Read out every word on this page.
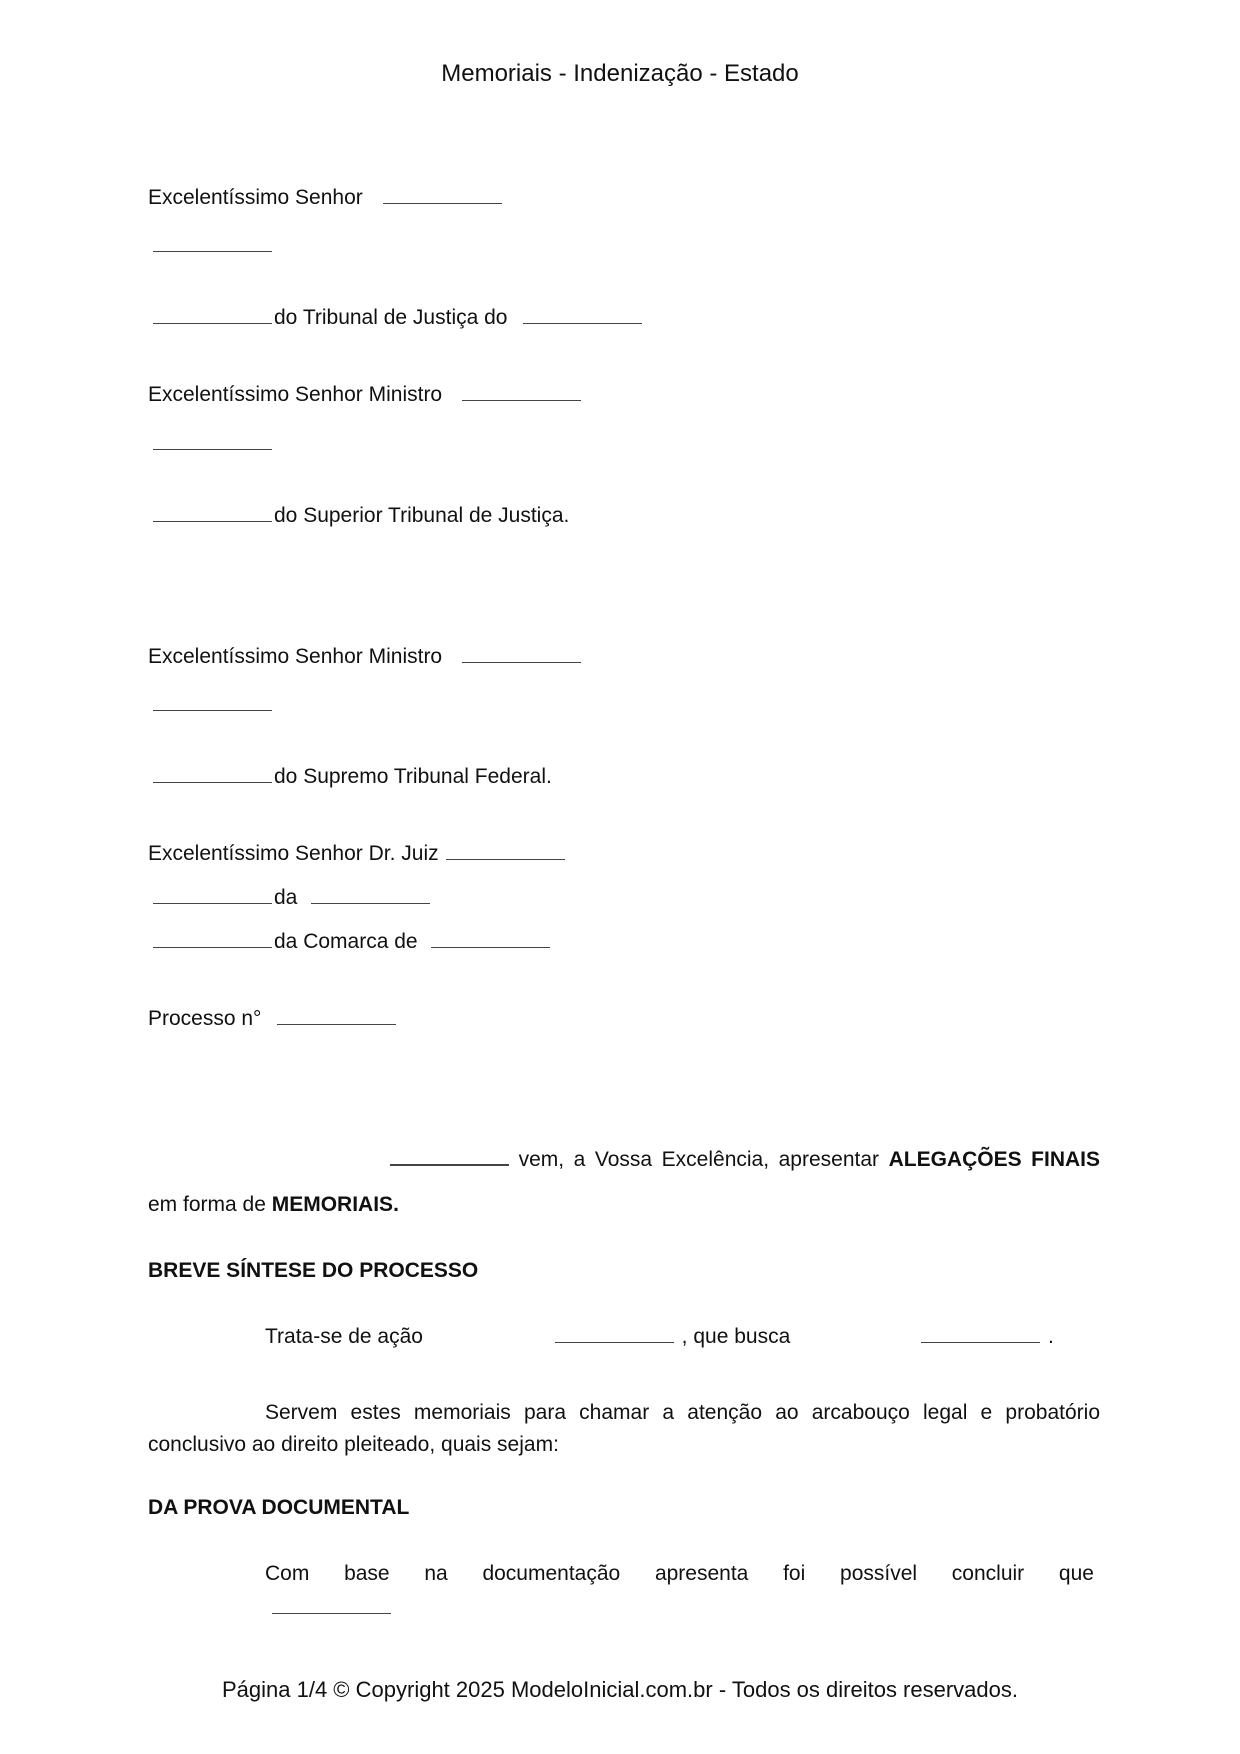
Memoriais - Indenização - Estado
Excelentíssimo Senhor
do Tribunal de Justiça do
Excelentíssimo Senhor Ministro
do Superior Tribunal de Justiça.
Excelentíssimo Senhor Ministro
do Supremo Tribunal Federal.
Excelentíssimo Senhor Dr. Juiz
da
da Comarca de
Processo n°
vem, a Vossa Excelência, apresentar ALEGAÇÕES FINAIS
em forma de MEMORIAIS.
BREVE SÍNTESE DO PROCESSO
Trata-se de ação	, que busca	.
Servem estes memoriais para chamar a atenção ao arcabouço legal e probatório
conclusivo ao direito pleiteado, quais sejam:
DA PROVA DOCUMENTAL
Com base na documentação apresenta foi possível concluir que
Página 1/4 © Copyright 2025 ModeloInicial.com.br - Todos os direitos reservados.
